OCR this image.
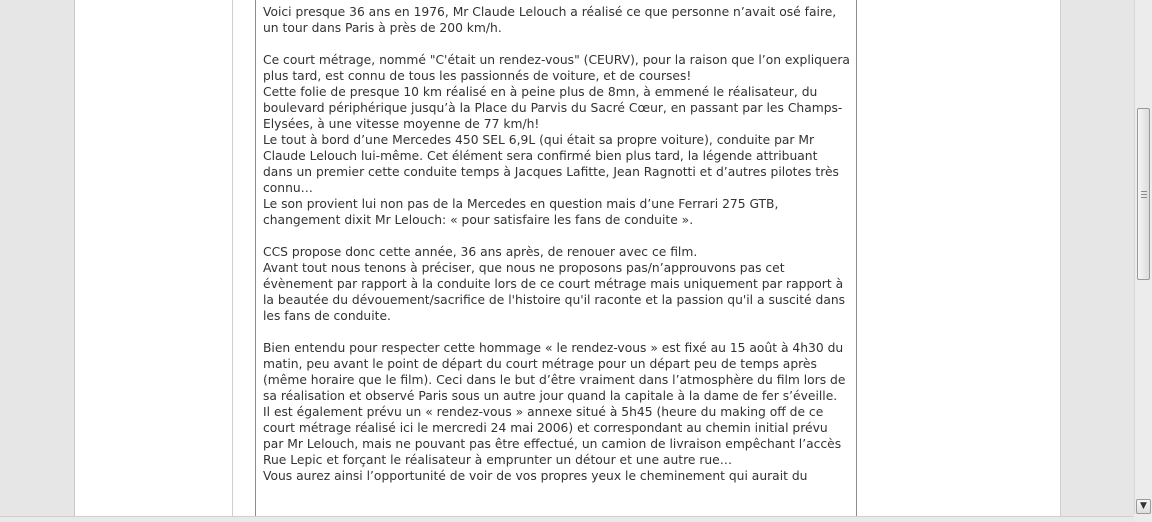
Voici presque 36 ans en 1976, Mr Claude Lelouch a réalisé ce que personne n’avait osé faire, un tour dans Paris à près de 200 km/h.

Ce court métrage, nommé "C'était un rendez-vous" (CEURV), pour la raison que l’on expliquera plus tard, est connu de tous les passionnés de voiture, et de courses!
Cette folie de presque 10 km réalisé en à peine plus de 8mn, à emmené le réalisateur, du boulevard périphérique jusqu’à la Place du Parvis du Sacré Cœur, en passant par les Champs-Elysées, à une vitesse moyenne de 77 km/h!
Le tout à bord d’une Mercedes 450 SEL 6,9L (qui était sa propre voiture), conduite par Mr Claude Lelouch lui-même. Cet élément sera confirmé bien plus tard, la légende attribuant dans un premier cette conduite temps à Jacques Lafitte, Jean Ragnotti et d’autres pilotes très connu…
Le son provient lui non pas de la Mercedes en question mais d’une Ferrari 275 GTB, changement dixit Mr Lelouch: « pour satisfaire les fans de conduite ».

CCS propose donc cette année, 36 ans après, de renouer avec ce film.
Avant tout nous tenons à préciser, que nous ne proposons pas/n’approuvons pas cet évènement par rapport à la conduite lors de ce court métrage mais uniquement par rapport à la beautée du dévouement/sacrifice de l'histoire qu'il raconte et la passion qu'il a suscité dans les fans de conduite.

Bien entendu pour respecter cette hommage « le rendez-vous » est fixé au 15 août à 4h30 du matin, peu avant le point de départ du court métrage pour un départ peu de temps après (même horaire que le film). Ceci dans le but d’être vraiment dans l’atmosphère du film lors de sa réalisation et observé Paris sous un autre jour quand la capitale à la dame de fer s’éveille.
Il est également prévu un « rendez-vous » annexe situé à 5h45 (heure du making off de ce court métrage réalisé ici le mercredi 24 mai 2006) et correspondant au chemin initial prévu par Mr Lelouch, mais ne pouvant pas être effectué, un camion de livraison empêchant l’accès Rue Lepic et forçant le réalisateur à emprunter un détour et une autre rue…
Vous aurez ainsi l’opportunité de voir de vos propres yeux le cheminement qui aurait du
▼
